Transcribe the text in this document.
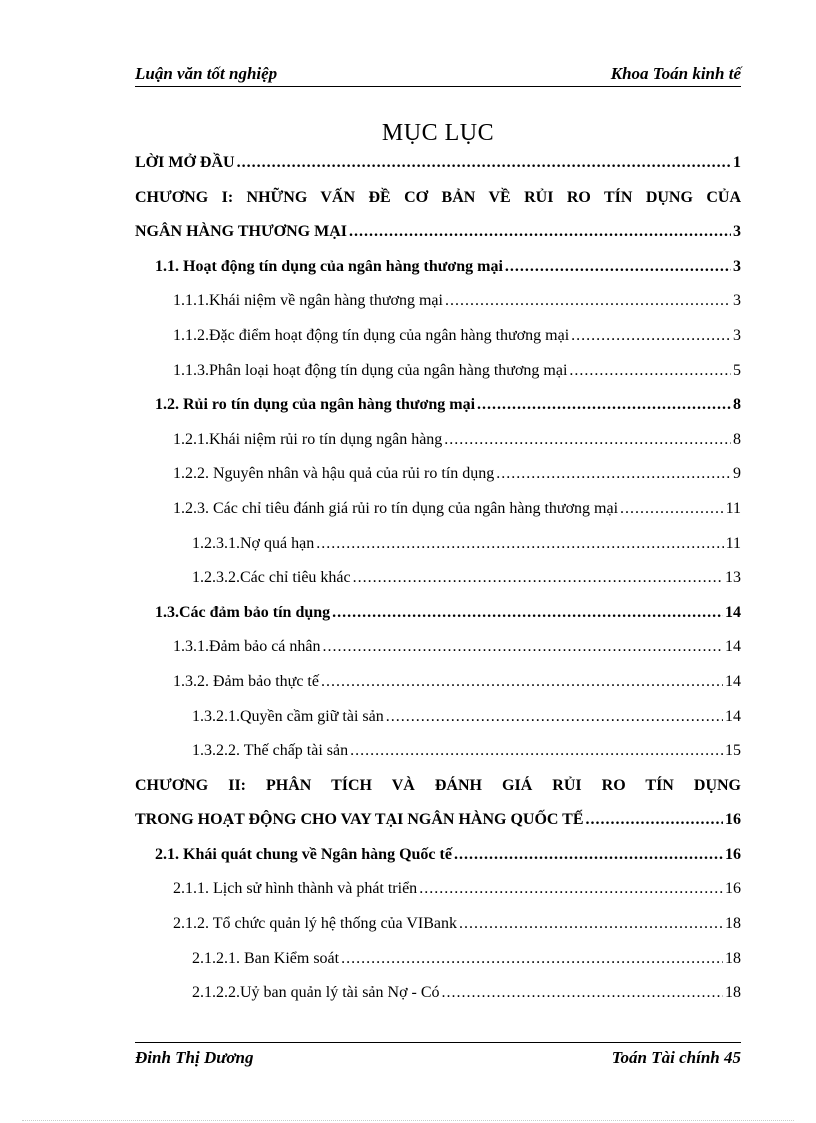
Luận văn tốt nghiệp	Khoa Toán kinh tế
MỤC LỤC
LỜI MỞ ĐẦU .....	1
CHƯƠNG I: NHỮNG VẤN ĐỀ CƠ BẢN VỀ RỦI RO TÍN DỤNG CỦA
NGÂN HÀNG THƯƠNG MẠI .....	3
1.1. Hoạt động tín dụng của ngân hàng thương mại .....	3
1.1.1.Khái niệm về ngân hàng thương mại .....	3
1.1.2.Đặc điểm hoạt động tín dụng của ngân hàng thương mại .....	3
1.1.3.Phân loại hoạt động tín dụng của ngân hàng thương mại .....	5
1.2. Rủi ro tín dụng của ngân hàng thương mại .....	8
1.2.1.Khái niệm rủi ro tín dụng ngân hàng .....	8
1.2.2. Nguyên nhân và hậu quả của rủi ro tín dụng .....	9
1.2.3. Các chỉ tiêu đánh giá rủi ro tín dụng của ngân hàng thương mại .....	11
1.2.3.1.Nợ quá hạn .....	11
1.2.3.2.Các chỉ tiêu khác .....	13
1.3.Các đảm bảo tín dụng .....	14
1.3.1.Đảm bảo cá nhân .....	14
1.3.2. Đảm bảo thực tế .....	14
1.3.2.1.Quyền cầm giữ tài sản .....	14
1.3.2.2. Thế chấp tài sản .....	15
CHƯƠNG II: PHÂN TÍCH VÀ ĐÁNH GIÁ RỦI RO TÍN DỤNG
TRONG HOẠT ĐỘNG CHO VAY TẠI NGÂN HÀNG QUỐC TẾ .....	16
2.1. Khái quát chung về Ngân hàng Quốc tế .....	16
2.1.1. Lịch sử hình thành và phát triển .....	16
2.1.2. Tổ chức quản lý hệ thống của VIBank .....	18
2.1.2.1. Ban Kiểm soát .....	18
2.1.2.2.Uỷ ban quản lý tài sản Nợ - Có .....	18
Đinh Thị Dương	Toán Tài chính 45
